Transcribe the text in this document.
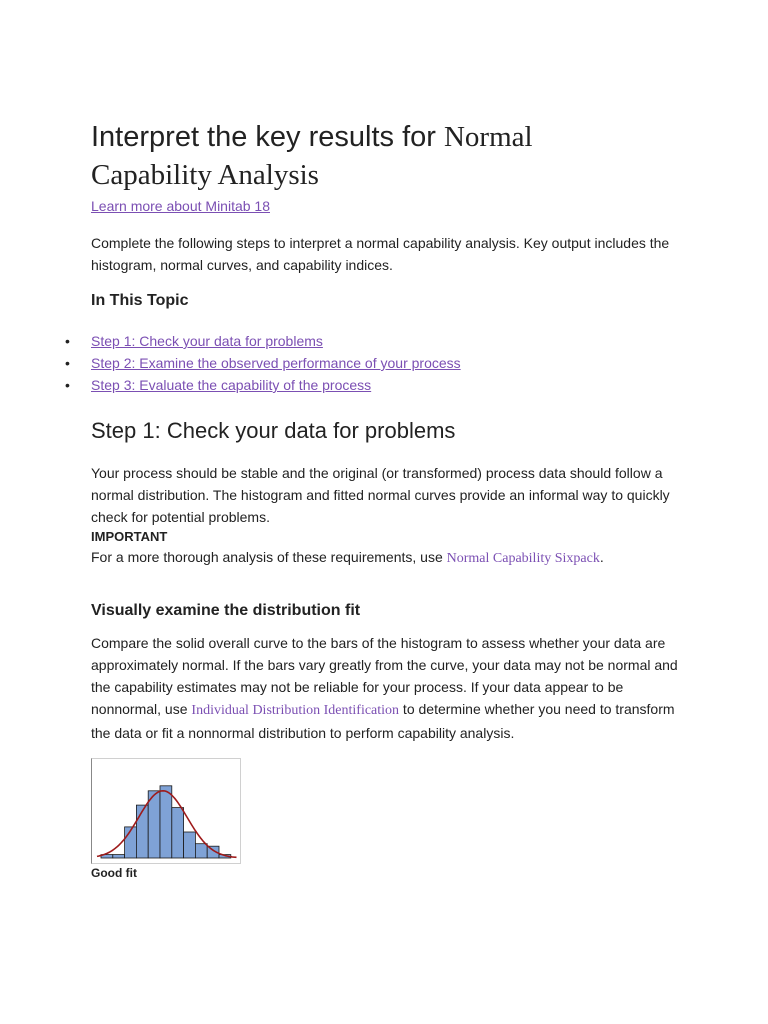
Interpret the key results for Normal
Capability Analysis
Learn more about Minitab 18

Complete the following steps to interpret a normal capability analysis. Key output includes the histogram, normal curves, and capability indices.

In This Topic
• Step 1: Check your data for problems
• Step 2: Examine the observed performance of your process
• Step 3: Evaluate the capability of the process
Step 1: Check your data for problems

Your process should be stable and the original (or transformed) process data should follow a normal distribution. The histogram and fitted normal curves provide an informal way to quickly check for potential problems.

IMPORTANT

For a more thorough analysis of these requirements, use Normal Capability Sixpack.

Visually examine the distribution fit

Compare the solid overall curve to the bars of the histogram to assess whether your data are approximately normal. If the bars vary greatly from the curve, your data may not be normal and the capability estimates may not be reliable for your process. If your data appear to be nonnormal, use Individual Distribution Identification to determine whether you need to transform the data or fit a nonnormal distribution to perform capability analysis.

Good fit
